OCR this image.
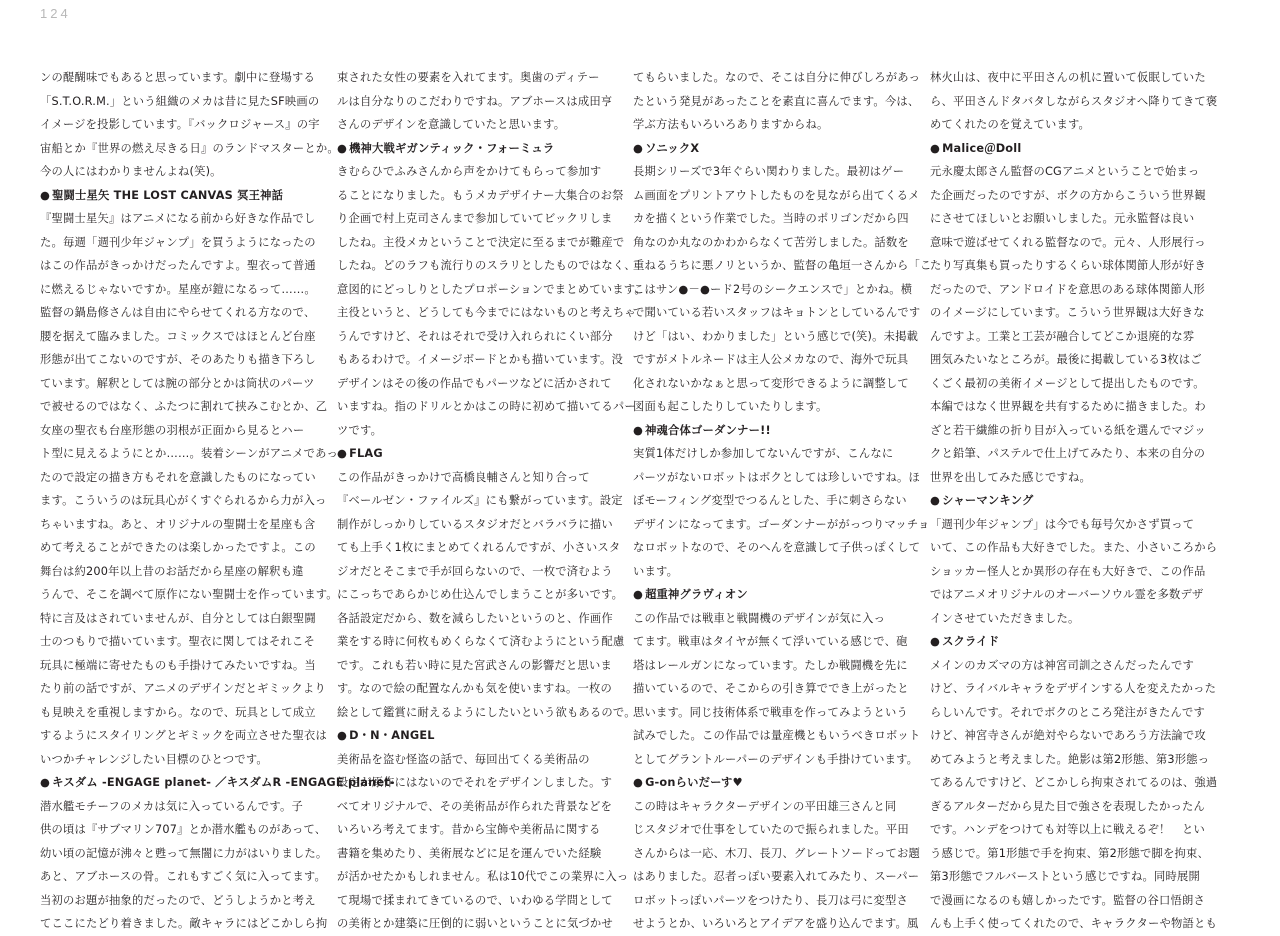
124
ンの醍醐味でもあると思っています。劇中に登場する
「S.T.O.R.M.」という組織のメカは昔に見たSF映画の
イメージを投影しています。『バックロジャース』の宇
宙船とか『世界の燃え尽きる日』のランドマスターとか。
今の人にはわかりませんよね(笑)。
● 聖闘士星矢 THE LOST CANVAS 冥王神話
『聖闘士星矢』はアニメになる前から好きな作品でし
た。毎週「週刊少年ジャンプ」を買うようになったの
はこの作品がきっかけだったんですよ。聖衣って普通
に燃えるじゃないですか。星座が鎧になるって……。
監督の鍋島修さんは自由にやらせてくれる方なので、
腰を据えて臨みました。コミックスではほとんど台座
形態が出てこないのですが、そのあたりも描き下ろし
ています。解釈としては腕の部分とかは筒状のパーツ
で被せるのではなく、ふたつに割れて挟みこむとか、乙
女座の聖衣も台座形態の羽根が正面から見るとハー
ト型に見えるようにとか……。装着シーンがアニメであっ
たので設定の描き方もそれを意識したものになってい
ます。こういうのは玩具心がくすぐられるから力が入っ
ちゃいますね。あと、オリジナルの聖闘士を星座も含
めて考えることができたのは楽しかったですよ。この
舞台は約200年以上昔のお話だから星座の解釈も違
うんで、そこを調べて原作にない聖闘士を作っています。
特に言及はされていませんが、自分としては白銀聖闘
士のつもりで描いています。聖衣に関してはそれこそ
玩具に極端に寄せたものも手掛けてみたいですね。当
たり前の話ですが、アニメのデザインだとギミックより
も見映えを重視しますから。なので、玩具として成立
するようにスタイリングとギミックを両立させた聖衣は
いつかチャレンジしたい目標のひとつです。
● キスダム -ENGAGE planet- ／キスダムR -ENGAGE planet-
潜水艦モチーフのメカは気に入っているんです。子
供の頃は『サブマリン707』とか潜水艦ものがあって、
幼い頃の記憶が沸々と甦って無闇に力がはいりました。
あと、アブホースの骨。これもすごく気に入ってます。
当初のお題が抽象的だったので、どうしようかと考え
てここにたどり着きました。敵キャラにはどこかしら拘
束された女性の要素を入れてます。奥歯のディテー
ルは自分なりのこだわりですね。アブホースは成田亨
さんのデザインを意識していたと思います。
● 機神大戦ギガンティック・フォーミュラ
きむらひでふみさんから声をかけてもらって参加す
ることになりました。もうメカデザイナー大集合のお祭
り企画で村上克司さんまで参加していてビックリしま
したね。主役メカということで決定に至るまでが難産で
したね。どのラフも流行りのスラリとしたものではなく、
意図的にどっしりとしたプロポーションでまとめています。
主役というと、どうしても今までにはないものと考えちゃ
うんですけど、それはそれで受け入れられにくい部分
もあるわけで。イメージボードとかも描いています。没
デザインはその後の作品でもパーツなどに活かされて
いますね。指のドリルとかはこの時に初めて描いてるパー
ツです。
● FLAG
この作品がきっかけで高橋良輔さんと知り合って
『ベールゼン・ファイルズ』にも繋がっています。設定
制作がしっかりしているスタジオだとバラバラに描い
ても上手く1枚にまとめてくれるんですが、小さいスタ
ジオだとそこまで手が回らないので、一枚で済むよう
にこっちであらかじめ仕込んでしまうことが多いです。
各話設定だから、数を減らしたいというのと、作画作
業をする時に何枚もめくらなくて済むようにという配慮
です。これも若い時に見た宮武さんの影響だと思いま
す。なので絵の配置なんかも気を使いますね。一枚の
絵として鑑賞に耐えるようにしたいという欲もあるので。
● D・N・ANGEL
美術品を盗む怪盗の話で、毎回出てくる美術品の
設定が原作にはないのでそれをデザインしました。す
べてオリジナルで、その美術品が作られた背景などを
いろいろ考えてます。昔から宝飾や美術品に関する
書籍を集めたり、美術展などに足を運んでいた経験
が活かせたかもしれません。私は10代でこの業界に入っ
て現場で揉まれてきているので、いわゆる学問として
の美術とか建築に圧倒的に弱いということに気づかせ
てもらいました。なので、そこは自分に伸びしろがあっ
たという発見があったことを素直に喜んでます。今は、
学ぶ方法もいろいろありますからね。
● ソニックX
長期シリーズで3年ぐらい関わりました。最初はゲー
ム画面をプリントアウトしたものを見ながら出てくるメ
カを描くという作業でした。当時のポリゴンだから四
角なのか丸なのかわからなくて苦労しました。話数を
重ねるうちに悪ノリというか、監督の亀垣一さんから「こ
こはサン●－●ード2号のシークエンスで」とかね。横
で聞いている若いスタッフはキョトンとしているんです
けど「はい、わかりました」という感じで(笑)。未掲載
ですがメトルネードは主人公メカなので、海外で玩具
化されないかなぁと思って変形できるように調整して
図面も起こしたりしていたりします。
● 神魂合体ゴーダンナー!!
実質1体だけしか参加してないんですが、こんなに
パーツがないロボットはボクとしては珍しいですね。ほ
ぼモーフィング変型でつるんとした、手に刺さらない
デザインになってます。ゴーダンナーががっつりマッチョ
なロボットなので、そのへんを意識して子供っぽくして
います。
● 超重神グラヴィオン
この作品では戦車と戦闘機のデザインが気に入っ
てます。戦車はタイヤが無くて浮いている感じで、砲
塔はレールガンになっています。たしか戦闘機を先に
描いているので、そこからの引き算ででき上がったと
思います。同じ技術体系で戦車を作ってみようという
試みでした。この作品では量産機ともいうべきロボット
としてグラントルーパーのデザインも手掛けています。
● G-onらいだーす♥
この時はキャラクターデザインの平田雄三さんと同
じスタジオで仕事をしていたので振られました。平田
さんからは一応、木刀、長刀、グレートソードってお題
はありました。忍者っぽい要素入れてみたり、スーパー
ロボットっぽいパーツをつけたり、長刀は弓に変型さ
せようとか、いろいろとアイデアを盛り込んでます。風
林火山は、夜中に平田さんの机に置いて仮眠していた
ら、平田さんドタバタしながらスタジオへ降りてきて褒
めてくれたのを覚えています。
● Malice＠Doll
元永慶太郎さん監督のCGアニメということで始まっ
た企画だったのですが、ボクの方からこういう世界観
にさせてほしいとお願いしました。元永監督は良い
意味で遊ばせてくれる監督なので。元々、人形展行っ
たり写真集も買ったりするくらい球体関節人形が好き
だったので、アンドロイドを意思のある球体関節人形
のイメージにしています。こういう世界観は大好きな
んですよ。工業と工芸が融合してどこか退廃的な雰
囲気みたいなところが。最後に掲載している3枚はご
くごく最初の美術イメージとして提出したものです。
本編ではなく世界観を共有するために描きました。わ
ざと若干繊維の折り目が入っている紙を選んでマジッ
クと鉛筆、パステルで仕上げてみたり、本来の自分の
世界を出してみた感じですね。
● シャーマンキング
「週刊少年ジャンプ」は今でも毎号欠かさず買って
いて、この作品も大好きでした。また、小さいころから
ショッカー怪人とか異形の存在も大好きで、この作品
ではアニメオリジナルのオーバーソウル霊を多数デザ
インさせていただきました。
● スクライド
メインのカズマの方は神宮司訓之さんだったんです
けど、ライバルキャラをデザインする人を変えたかった
らしいんです。それでボクのところ発注がきたんです
けど、神宮寺さんが絶対やらないであろう方法論で攻
めてみようと考えました。絶影は第2形態、第3形態っ
てあるんですけど、どこかしら拘束されてるのは、強過
ぎるアルターだから見た目で強さを表現したかったん
です。ハンデをつけても対等以上に戦えるぞ！　とい
う感じで。第1形態で手を拘束、第2形態で脚を拘束、
第3形態でフルバーストという感じですね。同時展開
で漫画になるのも嬉しかったです。監督の谷口悟朗さ
んも上手く使ってくれたので、キャラクターや物語とも
